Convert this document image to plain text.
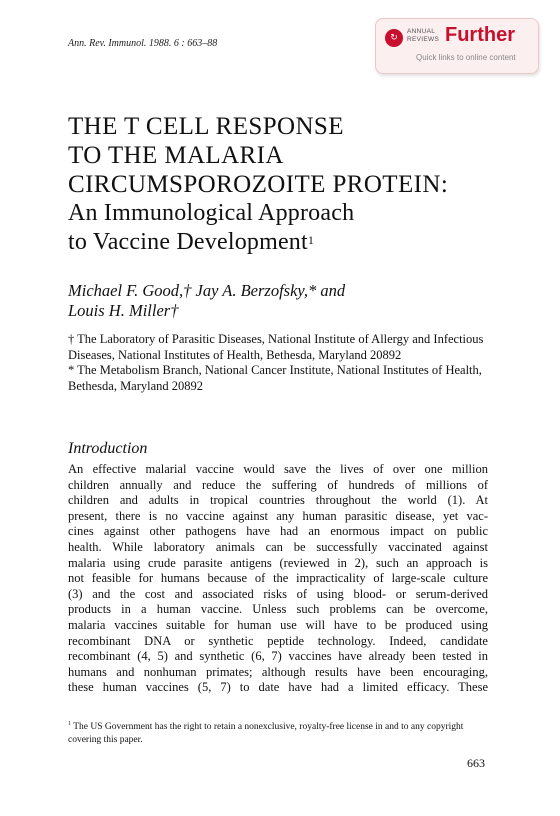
Ann. Rev. Immunol. 1988. 6 : 663–88	↻
ANNUAL
REVIEWS Further
Quick links to online content
THE T CELL RESPONSE
TO THE MALARIA
CIRCUMSPOROZOITE PROTEIN:
An Immunological Approach
to Vaccine Development$^1$
Michael F. Good,† Jay A. Berzofsky,* and
Louis H. Miller†

† The Laboratory of Parasitic Diseases, National Institute of Allergy and Infectious Diseases, National Institutes of Health, Bethesda, Maryland 20892

* The Metabolism Branch, National Cancer Institute, National Institutes of Health, Bethesda, Maryland 20892

Introduction
An effective malarial vaccine would save the lives of over one million
children annually and reduce the suffering of hundreds of millions of
children and adults in tropical countries throughout the world (1). At
present, there is no vaccine against any human parasitic disease, yet vac-
cines against other pathogens have had an enormous impact on public
health. While laboratory animals can be successfully vaccinated against
malaria using crude parasite antigens (reviewed in 2), such an approach is
not feasible for humans because of the impracticality of large-scale culture
(3) and the cost and associated risks of using blood- or serum-derived
products in a human vaccine. Unless such problems can be overcome,
malaria vaccines suitable for human use will have to be produced using
recombinant DNA or synthetic peptide technology. Indeed, candidate
recombinant (4, 5) and synthetic (6, 7) vaccines have already been tested in
humans and nonhuman primates; although results have been encouraging,
these human vaccines (5, 7) to date have had a limited efficacy. These
$^1$ The US Government has the right to retain a nonexclusive, royalty-free license in and to any copyright covering this paper.
663
